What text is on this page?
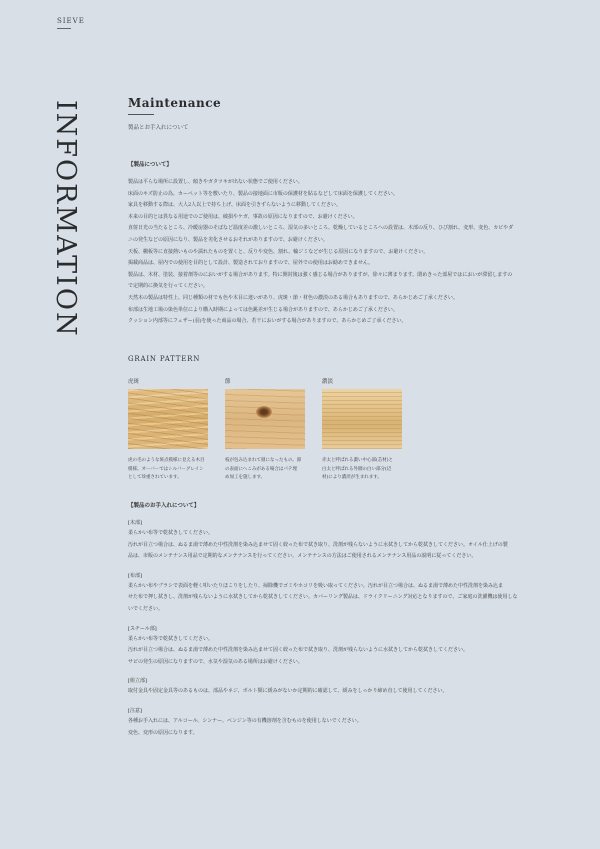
SIEVE
INFORMATION	Maintenance
製品とお手入れについて
【製品について】
製品は平らな場所に設置し、傾きやガタツキが出ない状態でご使用ください。
床面のキズ防止の為、カーペット等を敷いたり、製品の接地面に市販の保護材を貼るなどして床面を保護してください。
家具を移動する際は、大人2人以上で持ち上げ、床面を引きずらないように移動してください。
本来の目的とは異なる用途でのご使用は、破損やケガ、事故の原因になりますので、お避けください。
直射日光の当たるところ、冷暖房器のそばなど温度差の激しいところ、湿気の多いところ、乾燥しているところへの設置は、木部の反り、ひび割れ、変形、変色、カビやダ
ニの発生などの原因になり、製品を劣化させるおそれがありますので、お避けください。
天板、棚板等に直接熱いものや濡れたものを置くと、反りや変色、割れ、輪ジミなどが生じる原因になりますので、お避けください。
掲載商品は、屋内での使用を目的として設計、製造されておりますので、屋外での使用はお勧めできません。
製品は、木材、塗装、接着剤等のにおいがする場合があります。特に開封後は強く感じる場合がありますが、徐々に薄まります。閉めきった部屋ではにおいが滞留しますの
で定期的に換気を行ってください。
天然木の製品は特性上、同じ種類の材でも色や木目に違いがあり、虎斑・節・材色の濃淡のある場合もありますので、あらかじめご了承ください。
布部は生地工場の染色単位により購入時期によっては色跳差が生じる場合がありますので、あらかじめご了承ください。
クッション内部等にフェザー(羽)を使った商品の場合、若干においがする場合がありますので、あらかじめご了承ください。
GRAIN PATTERN
虎斑
虎の毛のような斑点模様に見える木目
模様。オーバーではシルバーグレイン
として珍重されています。
節
枝が包み込まれて層になったもの。節
の表面にへこみがある場合はパテ埋
め加工を施します。
濃淡
赤太と呼ばれる濃い中心部(芯材)と
白太と呼ばれる外側の白い部分(辺
材)により濃淡が生まれます。
【製品のお手入れについて】
[木部]
柔らかい布等で乾拭きしてください。
汚れが目立つ場合は、ぬるま湯で薄めた中性洗剤を染み込ませて固く絞った布で拭き取り、洗剤が残らないように水拭きしてから乾拭きしてください。オイル仕上げの製
品は、市販のメンテナンス用品で定期的なメンテナンスを行ってください。メンテナンスの方法はご使用されるメンテナンス用品の説明に従ってください。
[布部]
柔らかい布やブラシで表面を軽く叩いたりほこりをしたり、掃除機でゴミやホコリを吸い取ってください。汚れが目立つ場合は、ぬるま湯で薄めた中性洗剤を染み込ま
せた布で押し拭きし、洗剤が残らないように水拭きしてから乾拭きしてください。カバーリング製品は、ドライクリーニング対応となりますので、ご家庭の洗濯機は使用しな
いでください。
[スチール部]
柔らかい布等で乾拭きしてください。
汚れが目立つ場合は、ぬるま湯で薄めた中性洗剤を染み込ませて固く絞った布で拭き取り、洗剤が残らないように水拭きしてから乾拭きしてください。
サビの発生の原因になりますので、水気や湿気のある場所はお避けください。
[組立部]
取付金具や固定金具等のあるものは、部品やネジ、ボルト類に緩みがないか定期的に確認して、緩みをしっかり締め直して使用してください。
[注意]
各種お手入れには、アルコール、シンナー、ベンジン等の有機溶剤を含むものを使用しないでください。
変色、変形の原因になります。
